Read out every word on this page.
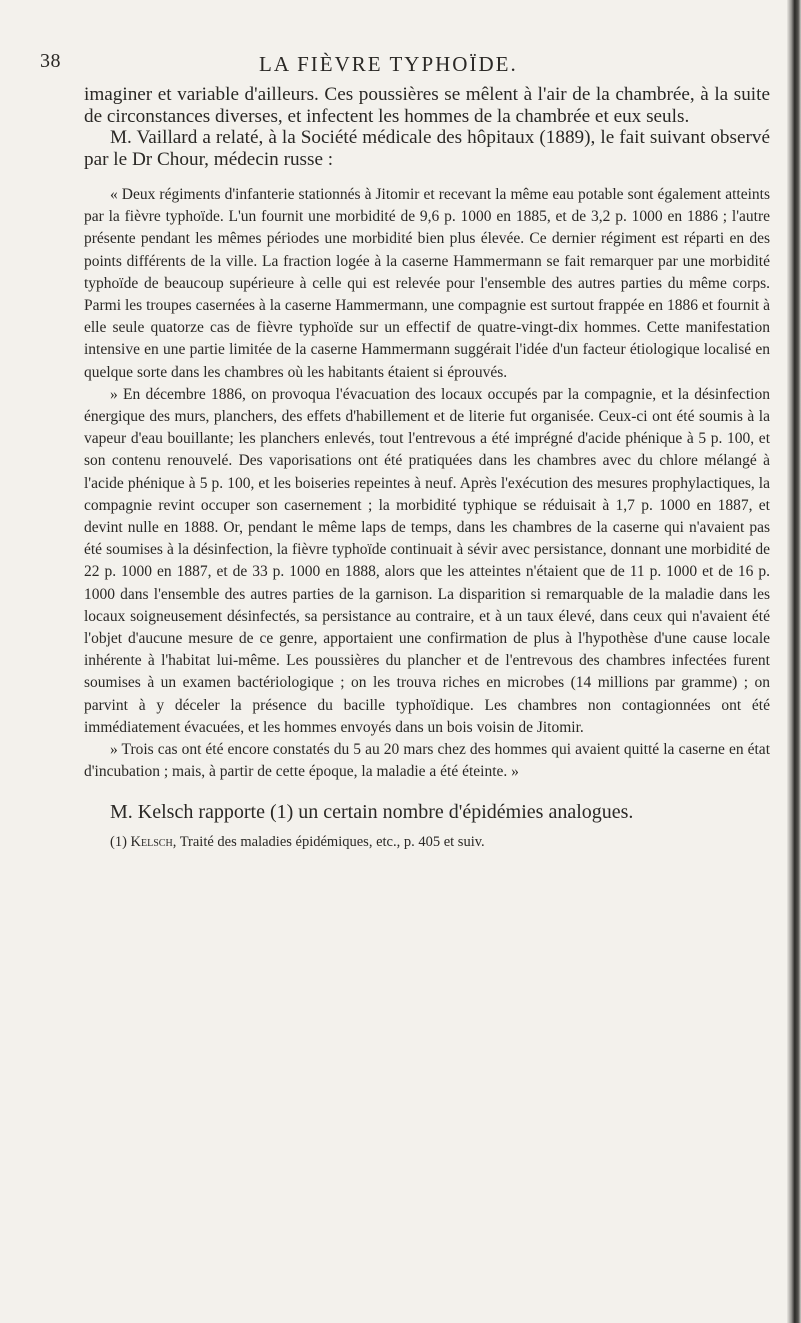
38	LA FIÈVRE TYPHOÏDE.

imaginer et variable d'ailleurs. Ces poussières se mêlent à l'air de la chambrée, à la suite de circonstances diverses, et infectent les hommes de la chambrée et eux seuls.

M. Vaillard a relaté, à la Société médicale des hôpitaux (1889), le fait suivant observé par le Dr Chour, médecin russe :

« Deux régiments d'infanterie stationnés à Jitomir et recevant la même eau potable sont également atteints par la fièvre typhoïde. L'un fournit une morbidité de 9,6 p. 1000 en 1885, et de 3,2 p. 1000 en 1886 ; l'autre présente pendant les mêmes périodes une morbidité bien plus élevée. Ce dernier régiment est réparti en des points différents de la ville. La fraction logée à la caserne Hammermann se fait remarquer par une morbidité typhoïde de beaucoup supérieure à celle qui est relevée pour l'ensemble des autres parties du même corps. Parmi les troupes casernées à la caserne Hammermann, une compagnie est surtout frappée en 1886 et fournit à elle seule quatorze cas de fièvre typhoïde sur un effectif de quatre-vingt-dix hommes. Cette manifestation intensive en une partie limitée de la caserne Hammermann suggérait l'idée d'un facteur étiologique localisé en quelque sorte dans les chambres où les habitants étaient si éprouvés.

» En décembre 1886, on provoqua l'évacuation des locaux occupés par la compagnie, et la désinfection énergique des murs, planchers, des effets d'habillement et de literie fut organisée. Ceux-ci ont été soumis à la vapeur d'eau bouillante; les planchers enlevés, tout l'entrevous a été imprégné d'acide phénique à 5 p. 100, et son contenu renouvelé. Des vaporisations ont été pratiquées dans les chambres avec du chlore mélangé à l'acide phénique à 5 p. 100, et les boiseries repeintes à neuf. Après l'exécution des mesures prophylactiques, la compagnie revint occuper son casernement ; la morbidité typhique se réduisait à 1,7 p. 1000 en 1887, et devint nulle en 1888. Or, pendant le même laps de temps, dans les chambres de la caserne qui n'avaient pas été soumises à la désinfection, la fièvre typhoïde continuait à sévir avec persistance, donnant une morbidité de 22 p. 1000 en 1887, et de 33 p. 1000 en 1888, alors que les atteintes n'étaient que de 11 p. 1000 et de 16 p. 1000 dans l'ensemble des autres parties de la garnison. La disparition si remarquable de la maladie dans les locaux soigneusement désinfectés, sa persistance au contraire, et à un taux élevé, dans ceux qui n'avaient été l'objet d'aucune mesure de ce genre, apportaient une confirmation de plus à l'hypothèse d'une cause locale inhérente à l'habitat lui-même. Les poussières du plancher et de l'entrevous des chambres infectées furent soumises à un examen bactériologique ; on les trouva riches en microbes (14 millions par gramme) ; on parvint à y déceler la présence du bacille typhoïdique. Les chambres non contagionnées ont été immédiatement évacuées, et les hommes envoyés dans un bois voisin de Jitomir.

» Trois cas ont été encore constatés du 5 au 20 mars chez des hommes qui avaient quitté la caserne en état d'incubation ; mais, à partir de cette époque, la maladie a été éteinte. »

M. Kelsch rapporte (1) un certain nombre d'épidémies analogues.

(1) Kelsch, Traité des maladies épidémiques, etc., p. 405 et suiv.
